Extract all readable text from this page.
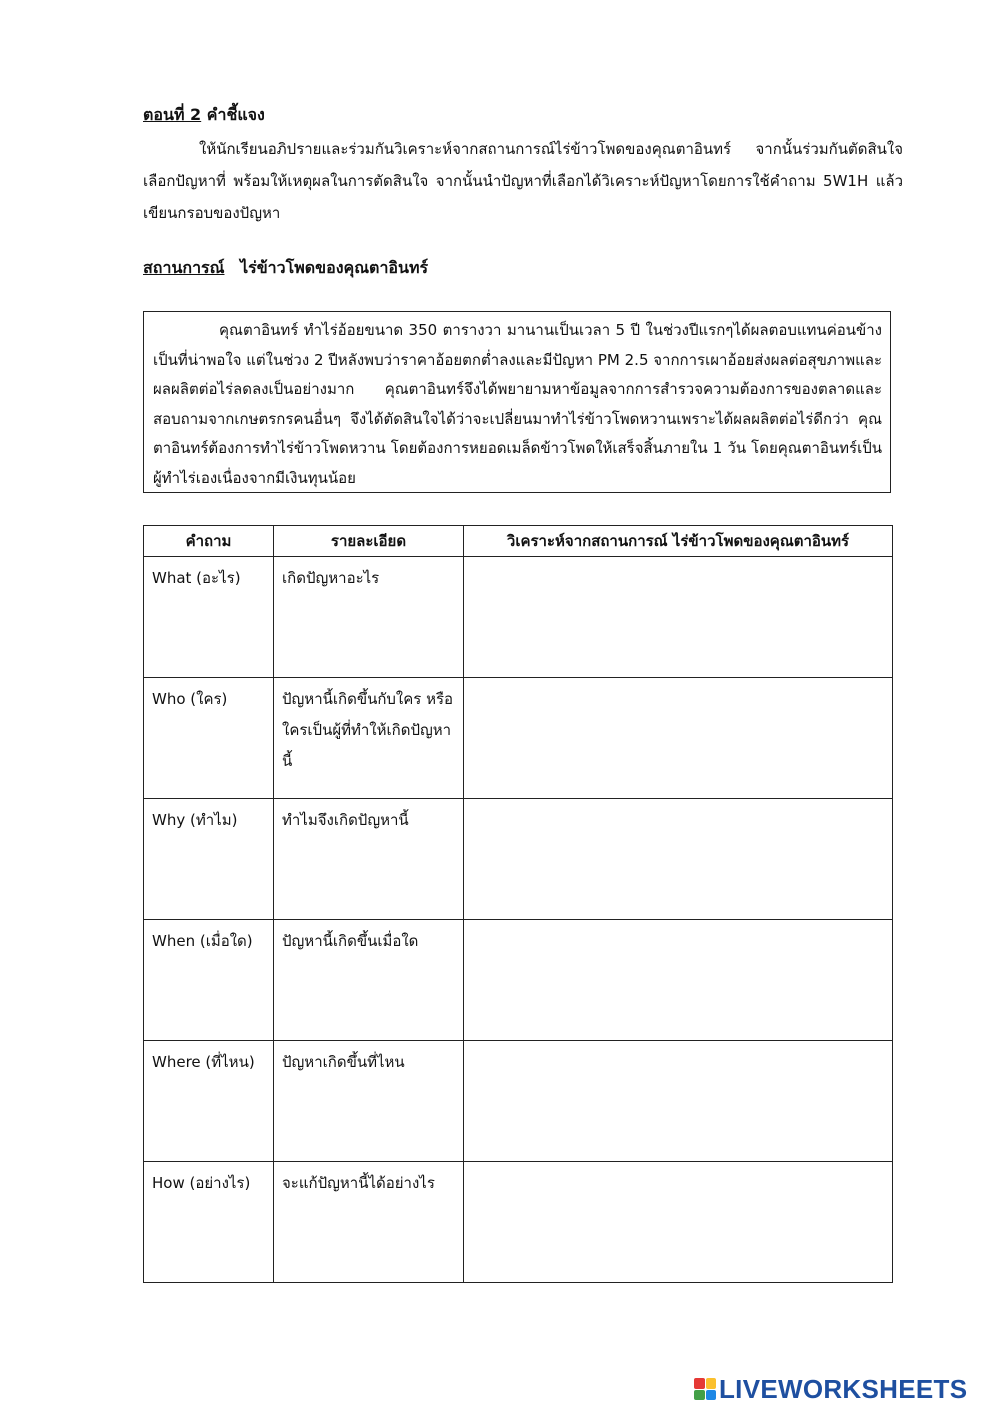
ตอนที่ 2 คำชี้แจง
ให้นักเรียนอภิปรายและร่วมกันวิเคราะห์จากสถานการณ์ไร่ข้าวโพดของคุณตาอินทร์ จากนั้นร่วมกันตัดสินใจเลือกปัญหาที่ พร้อมให้เหตุผลในการตัดสินใจ จากนั้นนำปัญหาที่เลือกได้วิเคราะห์ปัญหาโดยการใช้คำถาม 5W1H แล้วเขียนกรอบของปัญหา
สถานการณ์ ไร่ข้าวโพดของคุณตาอินทร์
คุณตาอินทร์ ทำไร่อ้อยขนาด 350 ตารางวา มานานเป็นเวลา 5 ปี ในช่วงปีแรกๆได้ผลตอบแทนค่อนข้างเป็นที่น่าพอใจ แต่ในช่วง 2 ปีหลังพบว่าราคาอ้อยตกต่ำลงและมีปัญหา PM 2.5 จากการเผาอ้อยส่งผลต่อสุขภาพและผลผลิตต่อไร่ลดลงเป็นอย่างมาก คุณตาอินทร์จึงได้พยายามหาข้อมูลจากการสำรวจความต้องการของตลาดและสอบถามจากเกษตรกรคนอื่นๆ จึงได้ตัดสินใจได้ว่าจะเปลี่ยนมาทำไร่ข้าวโพดหวานเพราะได้ผลผลิตต่อไร่ดีกว่า คุณตาอินทร์ต้องการทำไร่ข้าวโพดหวาน โดยต้องการหยอดเมล็ดข้าวโพดให้เสร็จสิ้นภายใน 1 วัน โดยคุณตาอินทร์เป็นผู้ทำไร่เองเนื่องจากมีเงินทุนน้อย
คำถาม	รายละเอียด	วิเคราะห์จากสถานการณ์ ไร่ข้าวโพดของคุณตาอินทร์
What (อะไร)	เกิดปัญหาอะไร	
Who (ใคร)	ปัญหานี้เกิดขึ้นกับใคร หรือใครเป็นผู้ที่ทำให้เกิดปัญหานี้	
Why (ทำไม)	ทำไมจึงเกิดปัญหานี้	
When (เมื่อใด)	ปัญหานี้เกิดขึ้นเมื่อใด	
Where (ที่ไหน)	ปัญหาเกิดขึ้นที่ไหน	
How (อย่างไร)	จะแก้ปัญหานี้ได้อย่างไร	
LIVEWORKSHEETS
